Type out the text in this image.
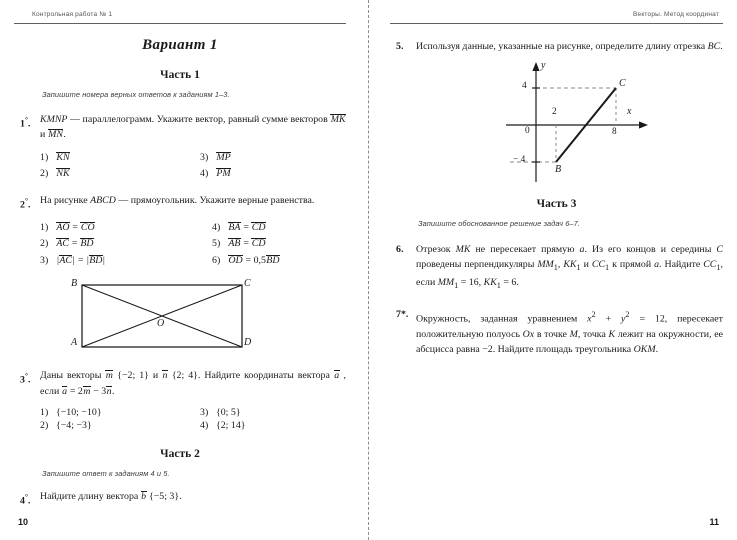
Контрольная работа № 1
Вариант 1
Часть 1
Запишите номера верных ответов к заданиям 1–3.
1°. KMNP — параллелограмм. Укажите вектор, равный сумме векторов MK и MN.
1) KN	3) MP
2) NK	4) PM
2°. На рисунке ABCD — прямоугольник. Укажите верные равенства.
1) AO = CO	4) BA = CD
2) AC = BD	5) AB = CD
3) |AC| = |BD|	6) OD = 0,5BD
B	C
A	D
O
3°. Даны векторы m {−2; 1} и n {2; 4}. Найдите координаты вектора a , если a = 2m − 3n.
1) {−10; −10}	3) {0; 5}
2) {−4; −3}	4) {2; 14}
Часть 2
Запишите ответ к заданиям 4 и 5.
4°. Найдите длину вектора b {−5; 3}.
10
Векторы. Метод координат
5.	Используя данные, указанные на рисунке, определите длину отрезка BC.
y
x
0
4
− 4
2
8
B
C
Часть 3
Запишите обоснованное решение задач 6–7.
6.	Отрезок MK не пересекает прямую a. Из его концов и середины C проведены перпендикуляры $MM_1$, $KK_1$ и $CC_1$ к прямой a. Найдите $CC_1$, если $MM_1 = 16$, $KK_1 = 6$.
7*. Окружность, заданная уравнением $x^2 + y^2 = 12$, пересекает положительную полуось Ox в точке M, точка K лежит на окружности, ее абсцисса равна −2. Найдите площадь треугольника OKM.
11
